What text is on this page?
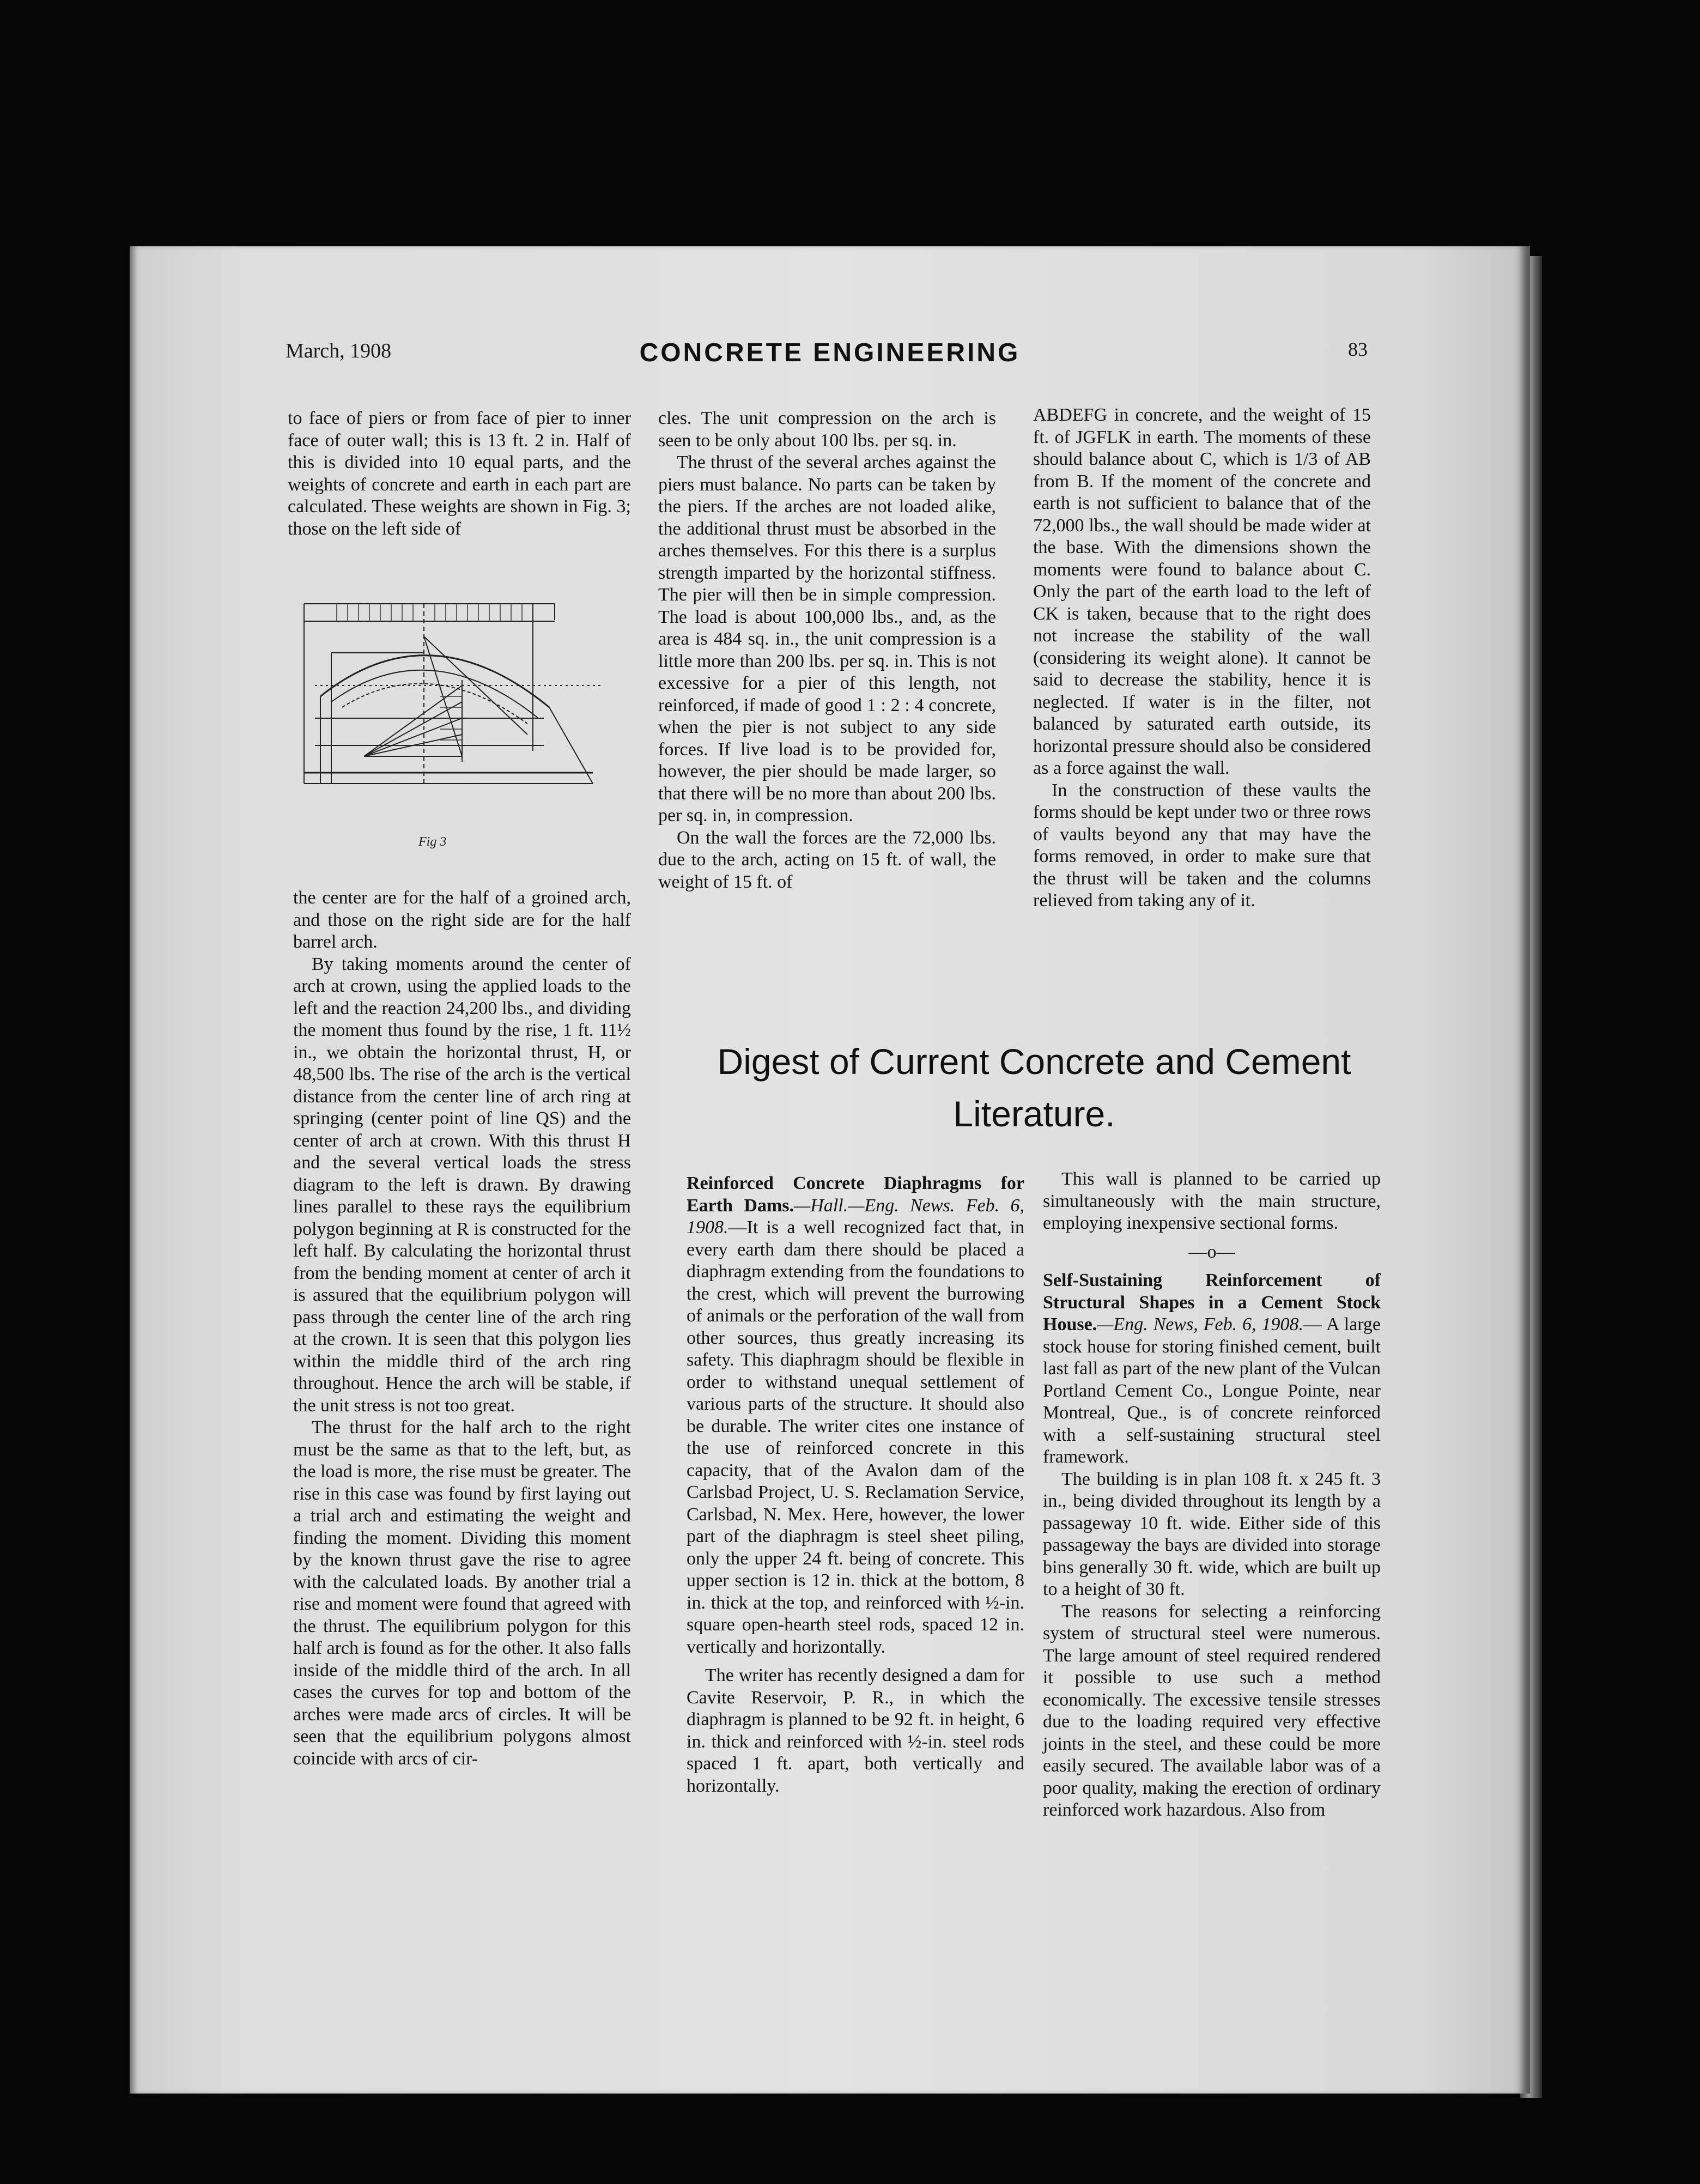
March, 1908	CONCRETE ENGINEERING	83

to face of piers or from face of pier to inner face of outer wall; this is 13 ft. 2 in. Half of this is divided into 10 equal parts, and the weights of concrete and earth in each part are calculated. These weights are shown in Fig. 3; those on the left side of

Fig 3

the center are for the half of a groined arch, and those on the right side are for the half barrel arch.

By taking moments around the center of arch at crown, using the applied loads to the left and the reaction 24,200 lbs., and dividing the moment thus found by the rise, 1 ft. 11½ in., we obtain the horizontal thrust, H, or 48,500 lbs. The rise of the arch is the vertical distance from the center line of arch ring at springing (center point of line QS) and the center of arch at crown. With this thrust H and the several vertical loads the stress diagram to the left is drawn. By drawing lines parallel to these rays the equilibrium polygon beginning at R is constructed for the left half. By calculating the horizontal thrust from the bending moment at center of arch it is assured that the equilibrium polygon will pass through the center line of the arch ring at the crown. It is seen that this polygon lies within the middle third of the arch ring throughout. Hence the arch will be stable, if the unit stress is not too great.

The thrust for the half arch to the right must be the same as that to the left, but, as the load is more, the rise must be greater. The rise in this case was found by first laying out a trial arch and estimating the weight and finding the moment. Dividing this moment by the known thrust gave the rise to agree with the calculated loads. By another trial a rise and moment were found that agreed with the thrust. The equilibrium polygon for this half arch is found as for the other. It also falls inside of the middle third of the arch. In all cases the curves for top and bottom of the arches were made arcs of circles. It will be seen that the equilibrium polygons almost coincide with arcs of cir-

cles. The unit compression on the arch is seen to be only about 100 lbs. per sq. in.

The thrust of the several arches against the piers must balance. No parts can be taken by the piers. If the arches are not loaded alike, the additional thrust must be absorbed in the arches themselves. For this there is a surplus strength imparted by the horizontal stiffness. The pier will then be in simple compression. The load is about 100,000 lbs., and, as the area is 484 sq. in., the unit compression is a little more than 200 lbs. per sq. in. This is not excessive for a pier of this length, not reinforced, if made of good 1 : 2 : 4 concrete, when the pier is not subject to any side forces. If live load is to be provided for, however, the pier should be made larger, so that there will be no more than about 200 lbs. per sq. in, in compression.

On the wall the forces are the 72,000 lbs. due to the arch, acting on 15 ft. of wall, the weight of 15 ft. of

ABDEFG in concrete, and the weight of 15 ft. of JGFLK in earth. The moments of these should balance about C, which is 1/3 of AB from B. If the moment of the concrete and earth is not sufficient to balance that of the 72,000 lbs., the wall should be made wider at the base. With the dimensions shown the moments were found to balance about C. Only the part of the earth load to the left of CK is taken, because that to the right does not increase the stability of the wall (considering its weight alone). It cannot be said to decrease the stability, hence it is neglected. If water is in the filter, not balanced by saturated earth outside, its horizontal pressure should also be considered as a force against the wall.

In the construction of these vaults the forms should be kept under two or three rows of vaults beyond any that may have the forms removed, in order to make sure that the thrust will be taken and the columns relieved from taking any of it.

Digest of Current Concrete and Cement
Literature.

Reinforced Concrete Diaphragms for Earth Dams.—Hall.—Eng. News. Feb. 6, 1908.—It is a well recognized fact that, in every earth dam there should be placed a diaphragm extending from the foundations to the crest, which will prevent the burrowing of animals or the perforation of the wall from other sources, thus greatly increasing its safety. This diaphragm should be flexible in order to withstand unequal settlement of various parts of the structure. It should also be durable. The writer cites one instance of the use of reinforced concrete in this capacity, that of the Avalon dam of the Carlsbad Project, U. S. Reclamation Service, Carlsbad, N. Mex. Here, however, the lower part of the diaphragm is steel sheet piling, only the upper 24 ft. being of concrete. This upper section is 12 in. thick at the bottom, 8 in. thick at the top, and reinforced with ½-in. square open-hearth steel rods, spaced 12 in. vertically and horizontally.

The writer has recently designed a dam for Cavite Reservoir, P. R., in which the diaphragm is planned to be 92 ft. in height, 6 in. thick and reinforced with ½-in. steel rods spaced 1 ft. apart, both vertically and horizontally.

This wall is planned to be carried up simultaneously with the main structure, employing inexpensive sectional forms.

—o—

Self-Sustaining Reinforcement of Structural Shapes in a Cement Stock House.—Eng. News, Feb. 6, 1908.— A large stock house for storing finished cement, built last fall as part of the new plant of the Vulcan Portland Cement Co., Longue Pointe, near Montreal, Que., is of concrete reinforced with a self-sustaining structural steel framework.

The building is in plan 108 ft. x 245 ft. 3 in., being divided throughout its length by a passageway 10 ft. wide. Either side of this passageway the bays are divided into storage bins generally 30 ft. wide, which are built up to a height of 30 ft.

The reasons for selecting a reinforcing system of structural steel were numerous. The large amount of steel required rendered it possible to use such a method economically. The excessive tensile stresses due to the loading required very effective joints in the steel, and these could be more easily secured. The available labor was of a poor quality, making the erection of ordinary reinforced work hazardous. Also from
